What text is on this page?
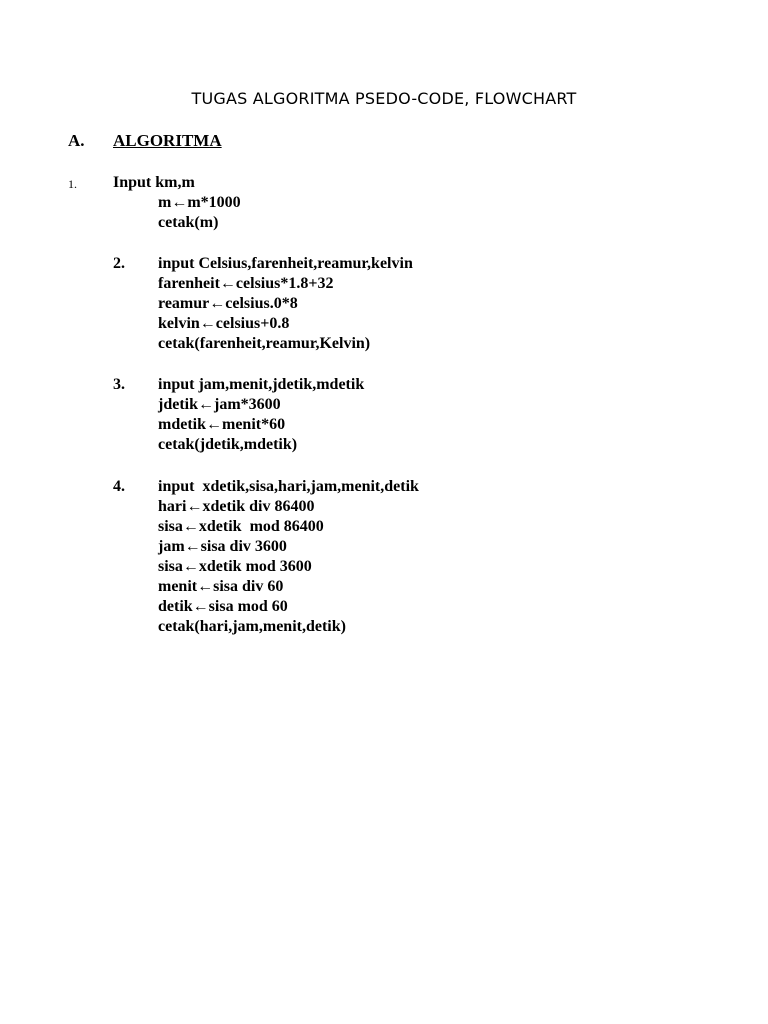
TUGAS ALGORITMA PSEDO-CODE, FLOWCHART
A. ALGORITMA
1. Input km,m
m←m*1000
cetak(m)
2. input Celsius,farenheit,reamur,kelvin
farenheit←celsius*1.8+32
reamur←celsius.0*8
kelvin←celsius+0.8
cetak(farenheit,reamur,Kelvin)
3. input jam,menit,jdetik,mdetik
jdetik←jam*3600
mdetik←menit*60
cetak(jdetik,mdetik)
4. input  xdetik,sisa,hari,jam,menit,detik
hari←xdetik div 86400
sisa←xdetik  mod 86400
jam←sisa div 3600
sisa←xdetik mod 3600
menit←sisa div 60
detik←sisa mod 60
cetak(hari,jam,menit,detik)
